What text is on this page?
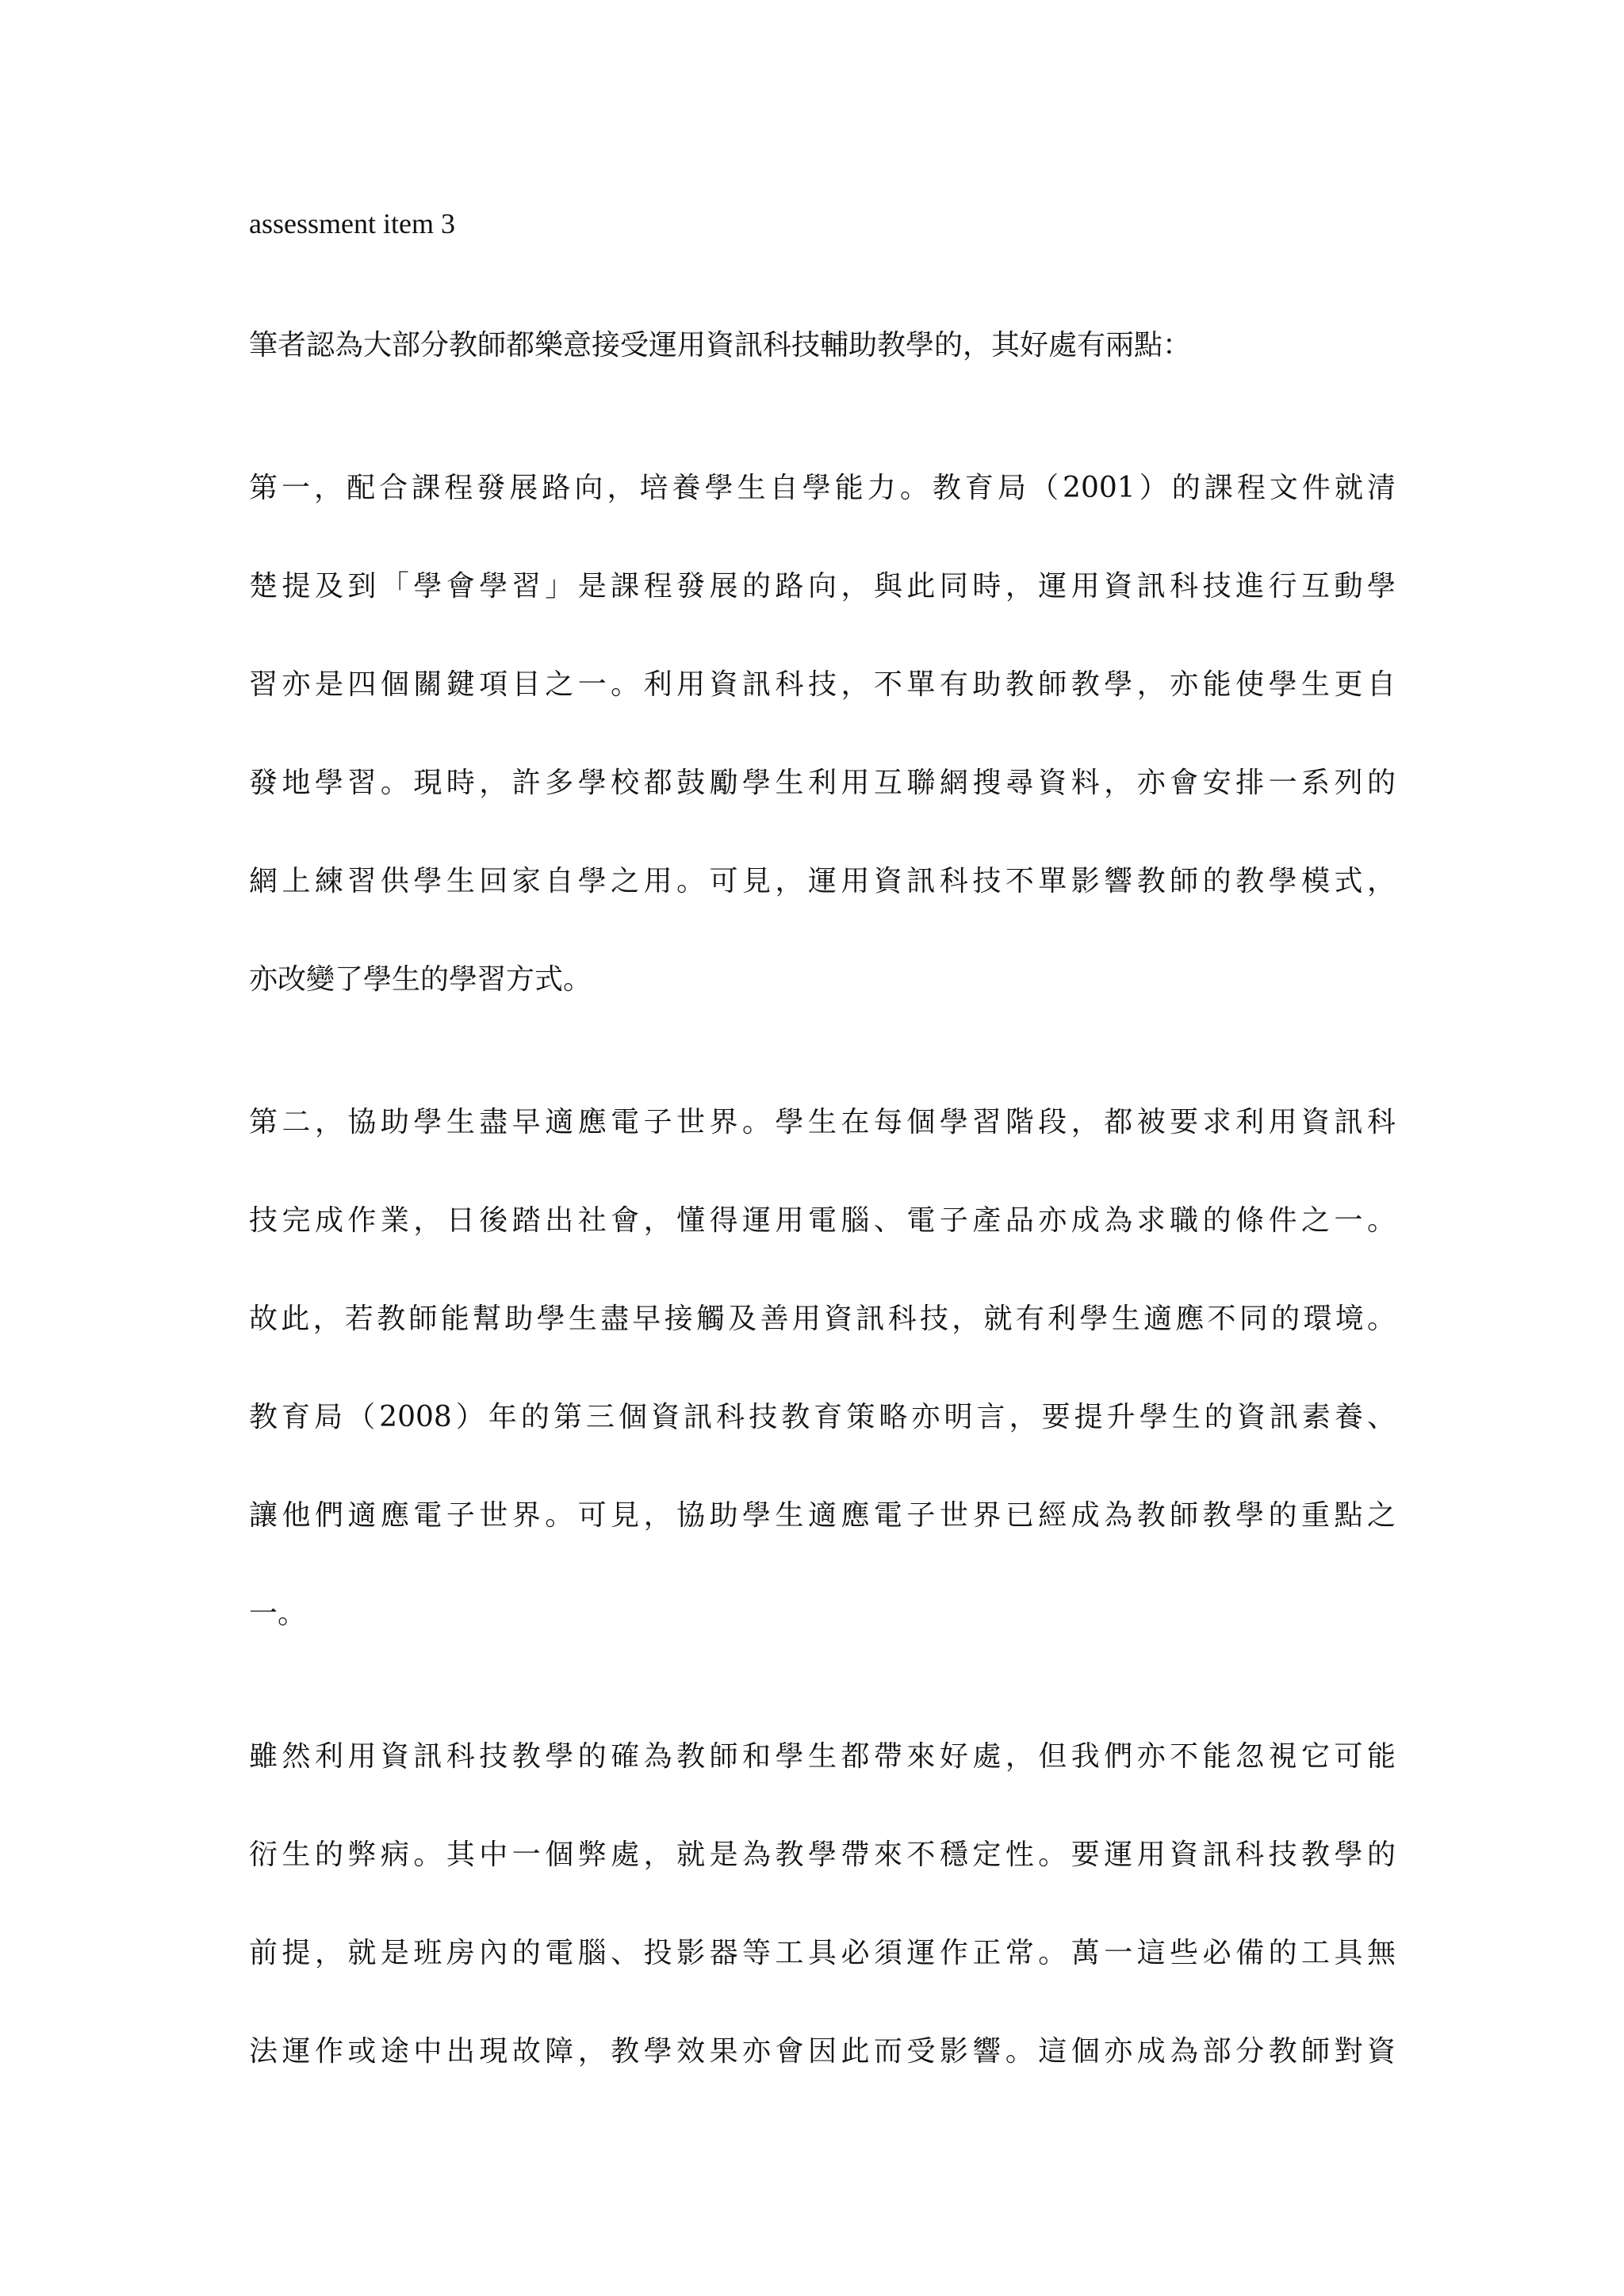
assessment item 3
筆者認為大部分教師都樂意接受運用資訊科技輔助教學的，其好處有兩點：
第一，配合課程發展路向，培養學生自學能力。教育局（2001）的課程文件就清
楚提及到「學會學習」是課程發展的路向，與此同時，運用資訊科技進行互動學
習亦是四個關鍵項目之一。利用資訊科技，不單有助教師教學，亦能使學生更自
發地學習。現時，許多學校都鼓勵學生利用互聯網搜尋資料，亦會安排一系列的
網上練習供學生回家自學之用。可見，運用資訊科技不單影響教師的教學模式，
亦改變了學生的學習方式。
第二，協助學生盡早適應電子世界。學生在每個學習階段，都被要求利用資訊科
技完成作業，日後踏出社會，懂得運用電腦、電子產品亦成為求職的條件之一。
故此，若教師能幫助學生盡早接觸及善用資訊科技，就有利學生適應不同的環境。
教育局（2008）年的第三個資訊科技教育策略亦明言，要提升學生的資訊素養、
讓他們適應電子世界。可見，協助學生適應電子世界已經成為教師教學的重點之
一。
雖然利用資訊科技教學的確為教師和學生都帶來好處，但我們亦不能忽視它可能
衍生的弊病。其中一個弊處，就是為教學帶來不穩定性。要運用資訊科技教學的
前提，就是班房內的電腦、投影器等工具必須運作正常。萬一這些必備的工具無
法運作或途中出現故障，教學效果亦會因此而受影響。這個亦成為部分教師對資
